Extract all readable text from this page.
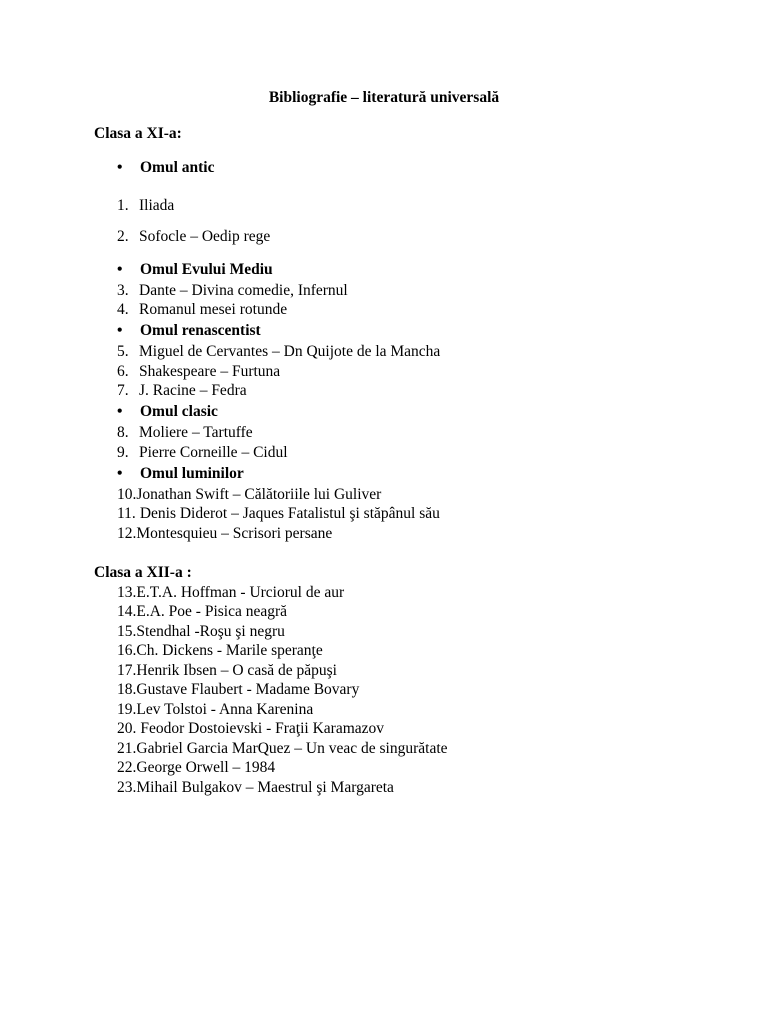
Bibliografie – literatură universală
Clasa a XI-a:
• Omul antic
1. Iliada
2. Sofocle – Oedip rege
• Omul Evului Mediu
3. Dante – Divina comedie, Infernul
4. Romanul mesei rotunde
• Omul renascentist
5. Miguel de Cervantes – Dn Quijote de la Mancha
6. Shakespeare – Furtuna
7. J. Racine – Fedra
• Omul clasic
8. Moliere – Tartuffe
9. Pierre Corneille – Cidul
• Omul luminilor
10.Jonathan Swift – Călătoriile lui Guliver
11. Denis Diderot – Jaques Fatalistul şi stăpânul său
12.Montesquieu – Scrisori persane
Clasa a XII-a :
13.E.T.A. Hoffman - Urciorul de aur
14.E.A. Poe - Pisica neagră
15.Stendhal -Roşu şi negru
16.Ch. Dickens - Marile speranţe
17.Henrik Ibsen – O casă de păpuşi
18.Gustave Flaubert - Madame Bovary
19.Lev Tolstoi - Anna Karenina
20. Feodor Dostoievski - Fraţii Karamazov
21.Gabriel Garcia MarQuez – Un veac de singurătate
22.George Orwell – 1984
23.Mihail Bulgakov – Maestrul şi Margareta
